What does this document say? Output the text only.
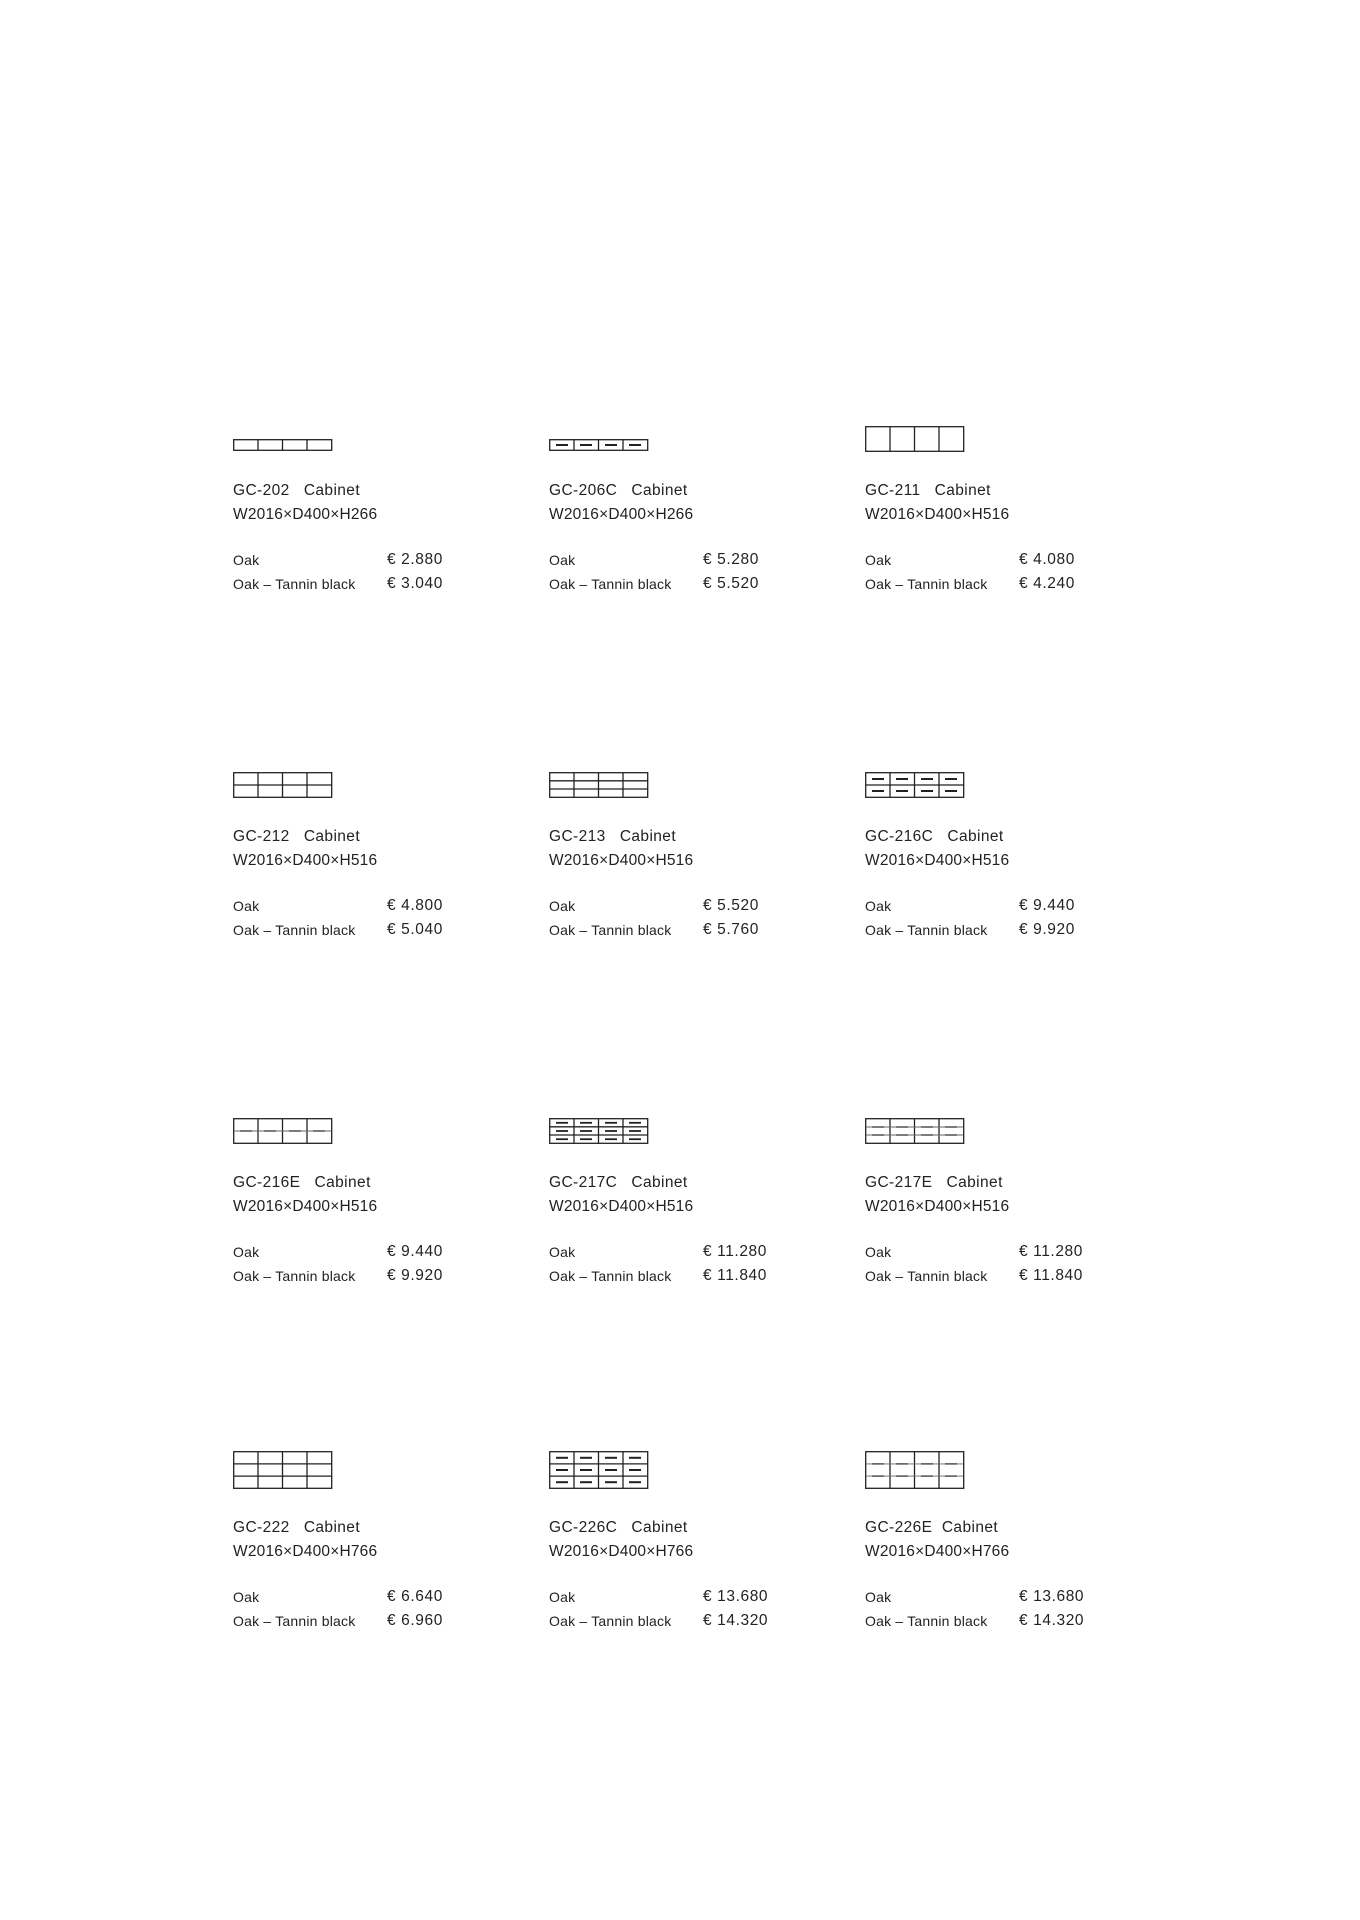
GC-202 Cabinet
W2016×D400×H266
Oak	€ 2.880
Oak – Tannin black € 3.040
GC-206C Cabinet
W2016×D400×H266
Oak	€ 5.280
Oak – Tannin black € 5.520
GC-211 Cabinet
W2016×D400×H516
Oak	€ 4.080
Oak – Tannin black € 4.240
GC-212 Cabinet
W2016×D400×H516
Oak	€ 4.800
Oak – Tannin black € 5.040
GC-213 Cabinet
W2016×D400×H516
Oak	€ 5.520
Oak – Tannin black € 5.760
GC-216C Cabinet
W2016×D400×H516
Oak	€ 9.440
Oak – Tannin black € 9.920
GC-216E Cabinet
W2016×D400×H516
Oak	€ 9.440
Oak – Tannin black € 9.920
GC-217C Cabinet
W2016×D400×H516
Oak	€ 11.280
Oak – Tannin black € 11.840
GC-217E Cabinet
W2016×D400×H516
Oak	€ 11.280
Oak – Tannin black € 11.840
GC-222 Cabinet
W2016×D400×H766
Oak	€ 6.640
Oak – Tannin black € 6.960
GC-226C Cabinet
W2016×D400×H766
Oak	€ 13.680
Oak – Tannin black € 14.320
GC-226E Cabinet
W2016×D400×H766
Oak	€ 13.680
Oak – Tannin black € 14.320
